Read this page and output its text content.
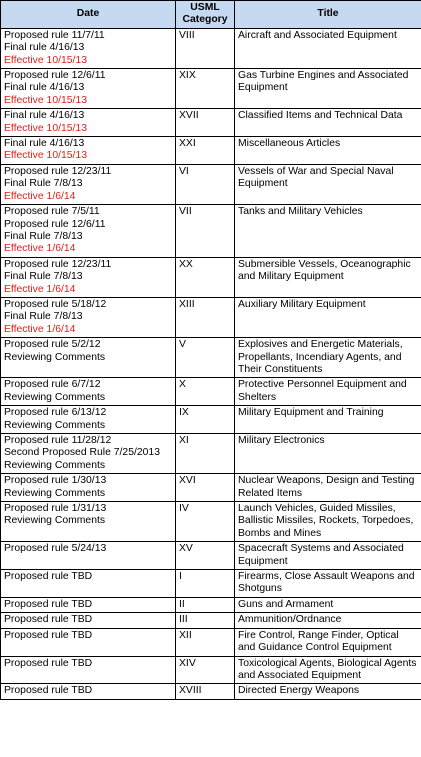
Date	USML Category	Title

Proposed rule 11/7/11
Final rule 4/16/13
Effective 10/15/13	VIII	Aircraft and Associated Equipment

Proposed rule 12/6/11
Final rule 4/16/13
Effective 10/15/13	XIX	Gas Turbine Engines and Associated Equipment

Final rule 4/16/13
Effective 10/15/13	XVII	Classified Items and Technical Data

Final rule 4/16/13
Effective 10/15/13	XXI	Miscellaneous Articles

Proposed rule 12/23/11
Final Rule 7/8/13
Effective 1/6/14	VI	Vessels of War and Special Naval Equipment

Proposed rule 7/5/11
Proposed rule 12/6/11
Final Rule 7/8/13
Effective 1/6/14	VII	Tanks and Military Vehicles

Proposed rule 12/23/11
Final Rule 7/8/13
Effective 1/6/14	XX	Submersible Vessels, Oceanographic and Military Equipment

Proposed rule 5/18/12
Final Rule 7/8/13
Effective 1/6/14	XIII	Auxiliary Military Equipment

Proposed rule 5/2/12
Reviewing Comments	V	Explosives and Energetic Materials, Propellants, Incendiary Agents, and Their Constituents

Proposed rule 6/7/12
Reviewing Comments	X	Protective Personnel Equipment and Shelters

Proposed rule 6/13/12
Reviewing Comments	IX	Military Equipment and Training

Proposed rule 11/28/12
Second Proposed Rule 7/25/2013
Reviewing Comments	XI	Military Electronics

Proposed rule 1/30/13
Reviewing Comments	XVI	Nuclear Weapons, Design and Testing Related Items

Proposed rule 1/31/13
Reviewing Comments	IV	Launch Vehicles, Guided Missiles, Ballistic Missiles, Rockets, Torpedoes, Bombs and Mines

Proposed rule 5/24/13	XV	Spacecraft Systems and Associated Equipment

Proposed rule TBD	I	Firearms, Close Assault Weapons and Shotguns

Proposed rule TBD	II	Guns and Armament

Proposed rule TBD	III	Ammunition/Ordnance

Proposed rule TBD	XII	Fire Control, Range Finder, Optical and Guidance Control Equipment

Proposed rule TBD	XIV	Toxicological Agents, Biological Agents and Associated Equipment

Proposed rule TBD	XVIII	Directed Energy Weapons
